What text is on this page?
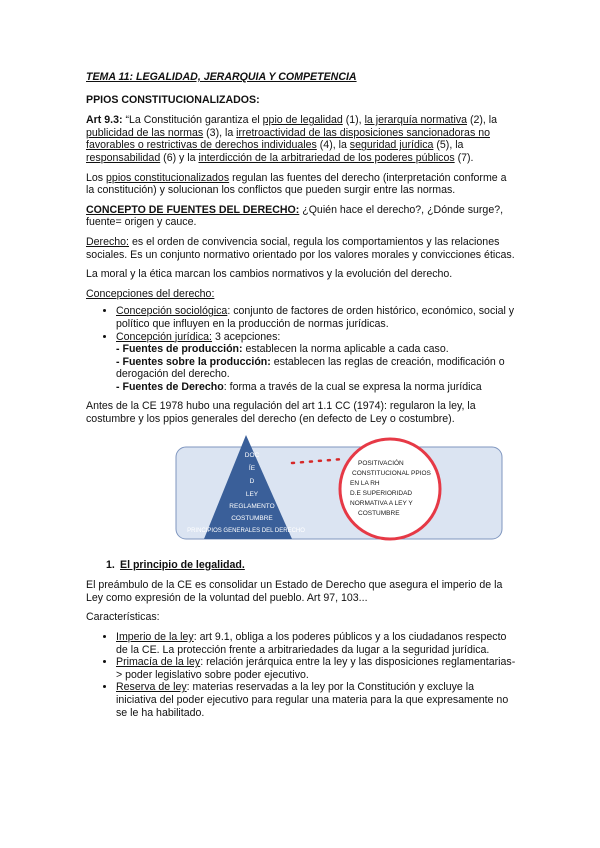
TEMA 11: LEGALIDAD, JERARQUIA Y COMPETENCIA
PPIOS CONSTITUCIONALIZADOS:

Art 9.3: “La Constitución garantiza el ppio de legalidad (1), la jerarquía normativa (2), la publicidad de las normas (3), la irretroactividad de las disposiciones sancionadoras no favorables o restrictivas de derechos individuales (4), la seguridad jurídica (5), la responsabilidad (6) y la interdicción de la arbitrariedad de los poderes públicos (7).

Los ppios constitucionalizados regulan las fuentes del derecho (interpretación conforme a la constitución) y solucionan los conflictos que pueden surgir entre las normas.

CONCEPTO DE FUENTES DEL DERECHO: ¿Quién hace el derecho?, ¿Dónde surge?, fuente= origen y cauce.

Derecho: es el orden de convivencia social, regula los comportamientos y las relaciones sociales. Es un conjunto normativo orientado por los valores morales y convicciones éticas.

La moral y la ética marcan los cambios normativos y la evolución del derecho.

Concepciones del derecho:

• Concepción sociológica: conjunto de factores de orden histórico, económico, social y político que influyen en la producción de normas jurídicas.
• Concepción jurídica: 3 acepciones:
- Fuentes de producción: establecen la norma aplicable a cada caso.
- Fuentes sobre la producción: establecen las reglas de creación, modificación o derogación del derecho.
- Fuentes de Derecho: forma a través de la cual se expresa la norma jurídica

Antes de la CE 1978 hubo una regulación del art 1.1 CC (1974): regularon la ley, la costumbre y los ppios generales del derecho (en defecto de Ley o costumbre).

DOC
ÍE
D
LEY
REGLAMENTO
COSTUMBRE
PRINCIPIOS GENERALES DEL DERECHO
POSITIVACIÓN
CONSTITUCIONAL PPIOS
EN LA RH
D.E SUPERIORIDAD
NORMATIVA A LEY Y
COSTUMBRE
1. El principio de legalidad.

El preámbulo de la CE es consolidar un Estado de Derecho que asegura el imperio de la Ley como expresión de la voluntad del pueblo. Art 97, 103...

Características:

• Imperio de la ley: art 9.1, obliga a los poderes públicos y a los ciudadanos respecto de la CE. La protección frente a arbitrariedades da lugar a la seguridad jurídica.
• Primacía de la ley: relación jerárquica entre la ley y las disposiciones reglamentarias-> poder legislativo sobre poder ejecutivo.
• Reserva de ley: materias reservadas a la ley por la Constitución y excluye la iniciativa del poder ejecutivo para regular una materia para la que expresamente no se le ha habilitado.
